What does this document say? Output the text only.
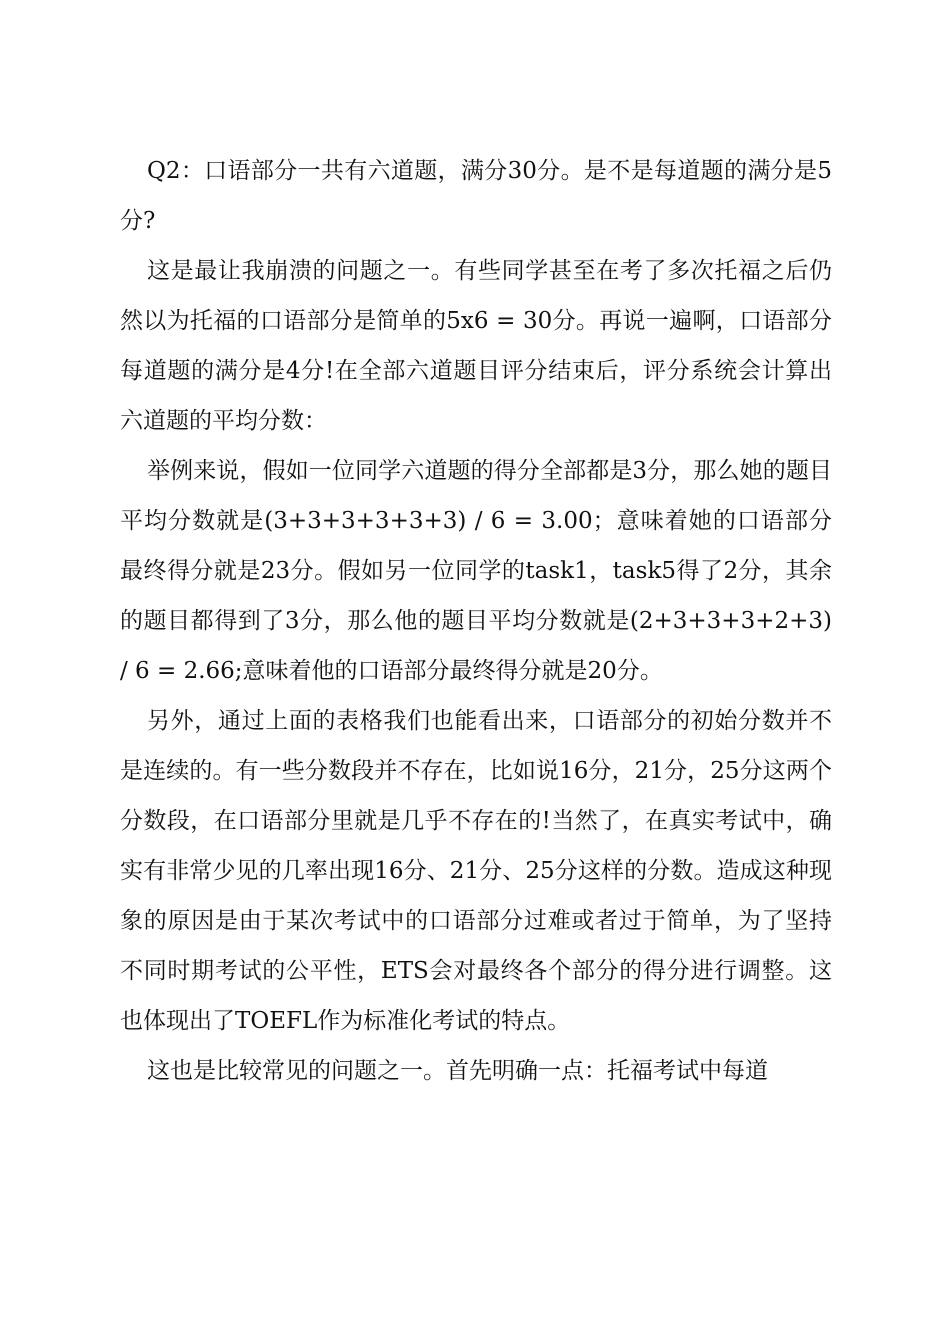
Q2：口语部分一共有六道题，满分30分。是不是每道题的满分是5分?

这是最让我崩溃的问题之一。有些同学甚至在考了多次托福之后仍然以为托福的口语部分是简单的5x6 = 30分。再说一遍啊，口语部分每道题的满分是4分!在全部六道题目评分结束后，评分系统会计算出六道题的平均分数：

举例来说，假如一位同学六道题的得分全部都是3分，那么她的题目平均分数就是(3+3+3+3+3+3) / 6 = 3.00；意味着她的口语部分最终得分就是23分。假如另一位同学的task1，task5得了2分，其余的题目都得到了3分，那么他的题目平均分数就是(2+3+3+3+2+3) / 6 = 2.66;意味着他的口语部分最终得分就是20分。

另外，通过上面的表格我们也能看出来，口语部分的初始分数并不是连续的。有一些分数段并不存在，比如说16分，21分，25分这两个分数段，在口语部分里就是几乎不存在的!当然了，在真实考试中，确实有非常少见的几率出现16分、21分、25分这样的分数。造成这种现象的原因是由于某次考试中的口语部分过难或者过于简单，为了坚持不同时期考试的公平性，ETS会对最终各个部分的得分进行调整。这也体现出了TOEFL作为标准化考试的特点。

这也是比较常见的问题之一。首先明确一点：托福考试中每道
